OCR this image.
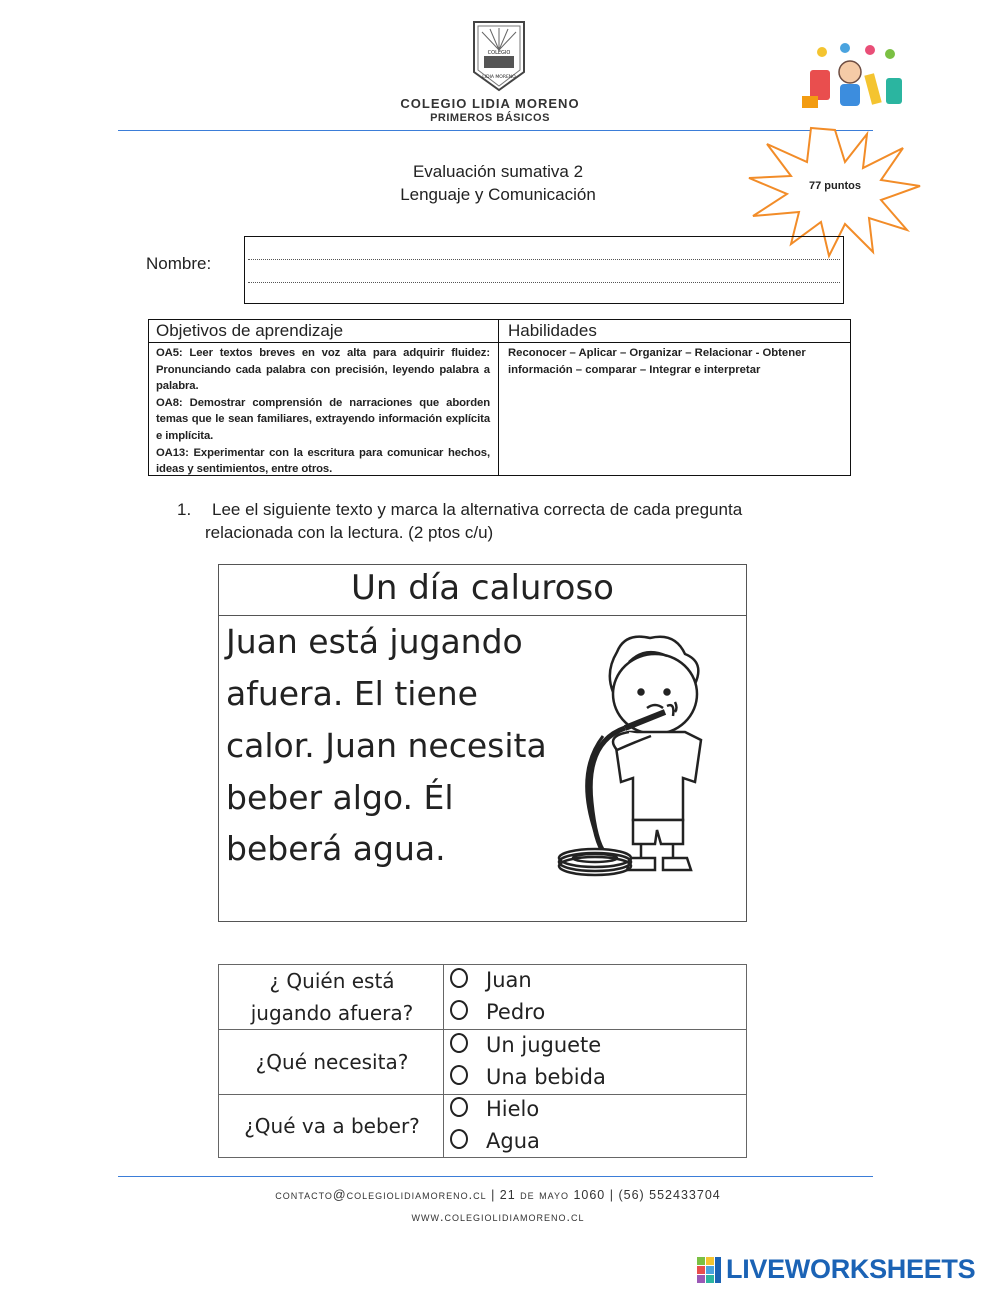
COLEGIO
LIDIA MORENO
COLEGIO LIDIA MORENO
PRIMEROS BÁSICOS
Evaluación sumativa 2
Lenguaje y Comunicación	77 puntos
Nombre:
Objetivos de aprendizaje	Habilidades

OA5: Leer textos breves en voz alta para adquirir fluidez: Pronunciando cada palabra con precisión, leyendo palabra a palabra.

OA8: Demostrar comprensión de narraciones que aborden temas que le sean familiares, extrayendo información explícita e implícita.

OA13: Experimentar con la escritura para comunicar hechos, ideas y sentimientos, entre otros.

Reconocer – Aplicar – Organizar – Relacionar - Obtener información – comparar – Integrar e interpretar
1. Lee el siguiente texto y marca la alternativa correcta de cada pregunta
relacionada con la lectura. (2 ptos c/u)
Un día caluroso
Juan está jugando
afuera. El tiene
calor. Juan necesita
beber algo. Él
beberá agua.
¿ Quién está
jugando afuera?
Juan
Pedro
¿Qué necesita?
Un juguete
Una bebida
¿Qué va a beber?
Hielo
Agua
contacto@colegiolidiamoreno.cl | 21 de mayo 1060 | (56) 552433704
www.colegiolidiamoreno.cl
LIVEWORKSHEETS
